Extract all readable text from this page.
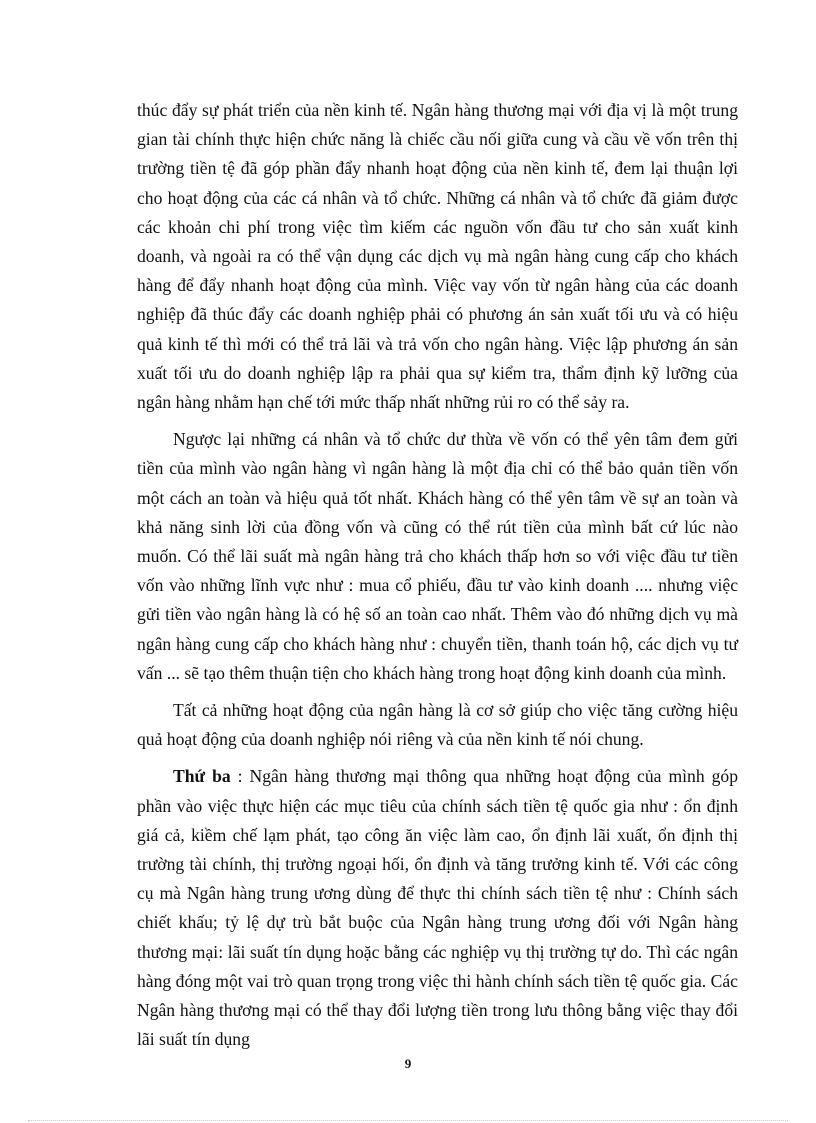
thúc đẩy sự phát triển của nền kinh tế. Ngân hàng thương mại với địa vị là một trung gian tài chính thực hiện chức năng là chiếc cầu nối giữa cung và cầu về vốn trên thị trường tiền tệ đã góp phần đẩy nhanh hoạt động của nền kinh tế, đem lại thuận lợi cho hoạt động của các cá nhân và tổ chức. Những cá nhân và tổ chức đã giảm được các khoản chi phí trong việc tìm kiếm các nguồn vốn đầu tư cho sản xuất kinh doanh, và ngoài ra có thể vận dụng các dịch vụ mà ngân hàng cung cấp cho khách hàng để đẩy nhanh hoạt động của mình. Việc vay vốn từ ngân hàng của các doanh nghiệp đã thúc đẩy các doanh nghiệp phải có phương án sản xuất tối ưu và có hiệu quả kinh tế thì mới có thể trả lãi và trả vốn cho ngân hàng. Việc lập phương án sản xuất tối ưu do doanh nghiệp lập ra phải qua sự kiểm tra, thẩm định kỹ lưỡng của ngân hàng nhằm hạn chế tới mức thấp nhất những rủi ro có thể sảy ra.

Ngược lại những cá nhân và tổ chức dư thừa về vốn có thể yên tâm đem gửi tiền của mình vào ngân hàng vì ngân hàng là một địa chỉ có thể bảo quản tiền vốn một cách an toàn và hiệu quả tốt nhất. Khách hàng có thể yên tâm về sự an toàn và khả năng sinh lời của đồng vốn và cũng có thể rút tiền của mình bất cứ lúc nào muốn. Có thể lãi suất mà ngân hàng trả cho khách thấp hơn so với việc đầu tư tiền vốn vào những lĩnh vực như : mua cổ phiếu, đầu tư vào kinh doanh .... nhưng việc gửi tiền vào ngân hàng là có hệ số an toàn cao nhất. Thêm vào đó những dịch vụ mà ngân hàng cung cấp cho khách hàng như : chuyển tiền, thanh toán hộ, các dịch vụ tư vấn ... sẽ tạo thêm thuận tiện cho khách hàng trong hoạt động kinh doanh của mình.

Tất cả những hoạt động của ngân hàng là cơ sở giúp cho việc tăng cường hiệu quả hoạt động của doanh nghiệp nói riêng và của nền kinh tế nói chung.

Thứ ba : Ngân hàng thương mại thông qua những hoạt động của mình góp phần vào việc thực hiện các mục tiêu của chính sách tiền tệ quốc gia như : ổn định giá cả, kiềm chế lạm phát, tạo công ăn việc làm cao, ổn định lãi xuất, ổn định thị trường tài chính, thị trường ngoại hối, ổn định và tăng trưởng kinh tế. Với các công cụ mà Ngân hàng trung ương dùng để thực thi chính sách tiền tệ như : Chính sách chiết khấu; tỷ lệ dự trù bắt buộc của Ngân hàng trung ương đối với Ngân hàng thương mại: lãi suất tín dụng hoặc bằng các nghiệp vụ thị trường tự do. Thì các ngân hàng đóng một vai trò quan trọng trong việc thi hành chính sách tiền tệ quốc gia. Các Ngân hàng thương mại có thể thay đổi lượng tiền trong lưu thông bằng việc thay đổi lãi suất tín dụng

9
